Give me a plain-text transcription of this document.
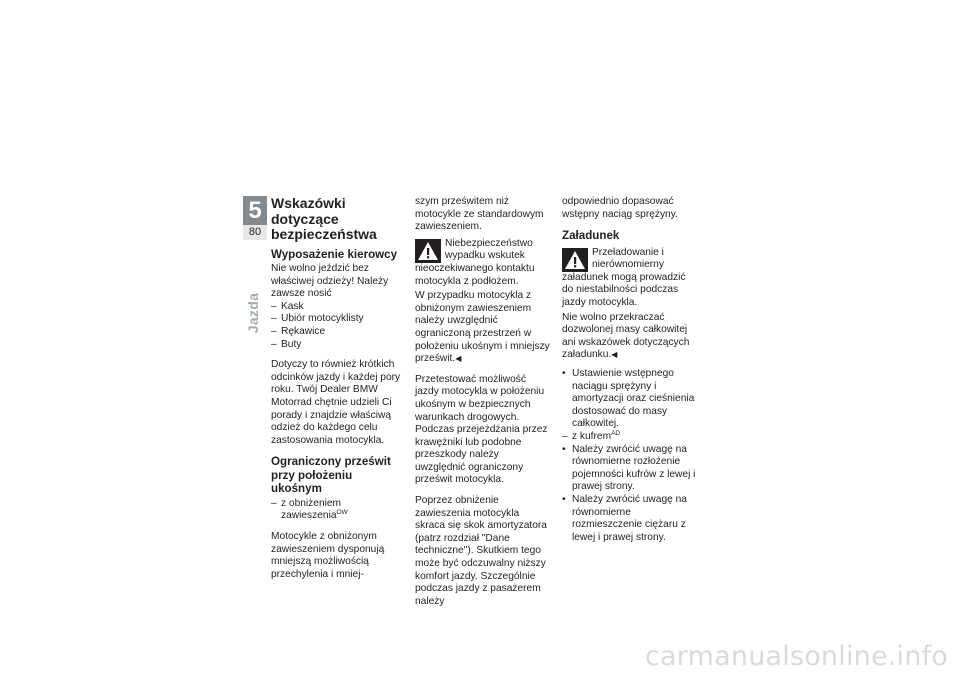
5
80
Jazda
Wskazówki dotyczące bezpieczeństwa
Wyposażenie kierowcy

Nie wolno jeździć bez właściwej odzieży! Należy zawsze nosić

– Kask
– Ubiór motocyklisty
– Rękawice
– Buty

Dotyczy to również krótkich odcinków jazdy i każdej pory roku. Twój Dealer BMW Motorrad chętnie udzieli Ci porady i znajdzie właściwą odzież do każdego celu zastosowania motocykla.

Ograniczony prześwit przy położeniu ukośnym
– z obniżeniem zawieszenia$^{OW}$

Motocykle z obniżonym zawieszeniem dysponują mniejszą możliwością przechylenia i mniej-

szym prześwitem niż motocykle ze standardowym zawieszeniem.

Niebezpieczeństwo wypadku wskutek nieoczekiwanego kontaktu motocykla z podłożem.

W przypadku motocykla z obniżonym zawieszeniem należy uwzględnić ograniczoną przestrzeń w położeniu ukośnym i mniejszy prześwit.◀

Przetestować możliwość jazdy motocykla w położeniu ukośnym w bezpiecznych warunkach drogowych. Podczas przejeżdżania przez krawężniki lub podobne przeszkody należy uwzględnić ograniczony prześwit motocykla.

Poprzez obniżenie zawieszenia motocykla skraca się skok amortyzatora (patrz rozdział "Dane techniczne"). Skutkiem tego może być odczuwalny niższy komfort jazdy. Szczególnie podczas jazdy z pasażerem należy

odpowiednio dopasować wstępny naciąg sprężyny.

Załadunek

Przeładowanie i nierównomierny załadunek mogą prowadzić do niestabilności podczas jazdy motocykla.

Nie wolno przekraczać dozwolonej masy całkowitej ani wskazówek dotyczących załadunku.◀

• Ustawienie wstępnego naciągu sprężyny i amortyzacji oraz cieśnienia dostosować do masy całkowitej.
– z kufrem$^{AD}$
• Należy zwrócić uwagę na równomierne rozłożenie pojemności kufrów z lewej i prawej strony.
• Należy zwrócić uwagę na równomierne rozmieszczenie ciężaru z lewej i prawej strony.
carmanualsonline.info
